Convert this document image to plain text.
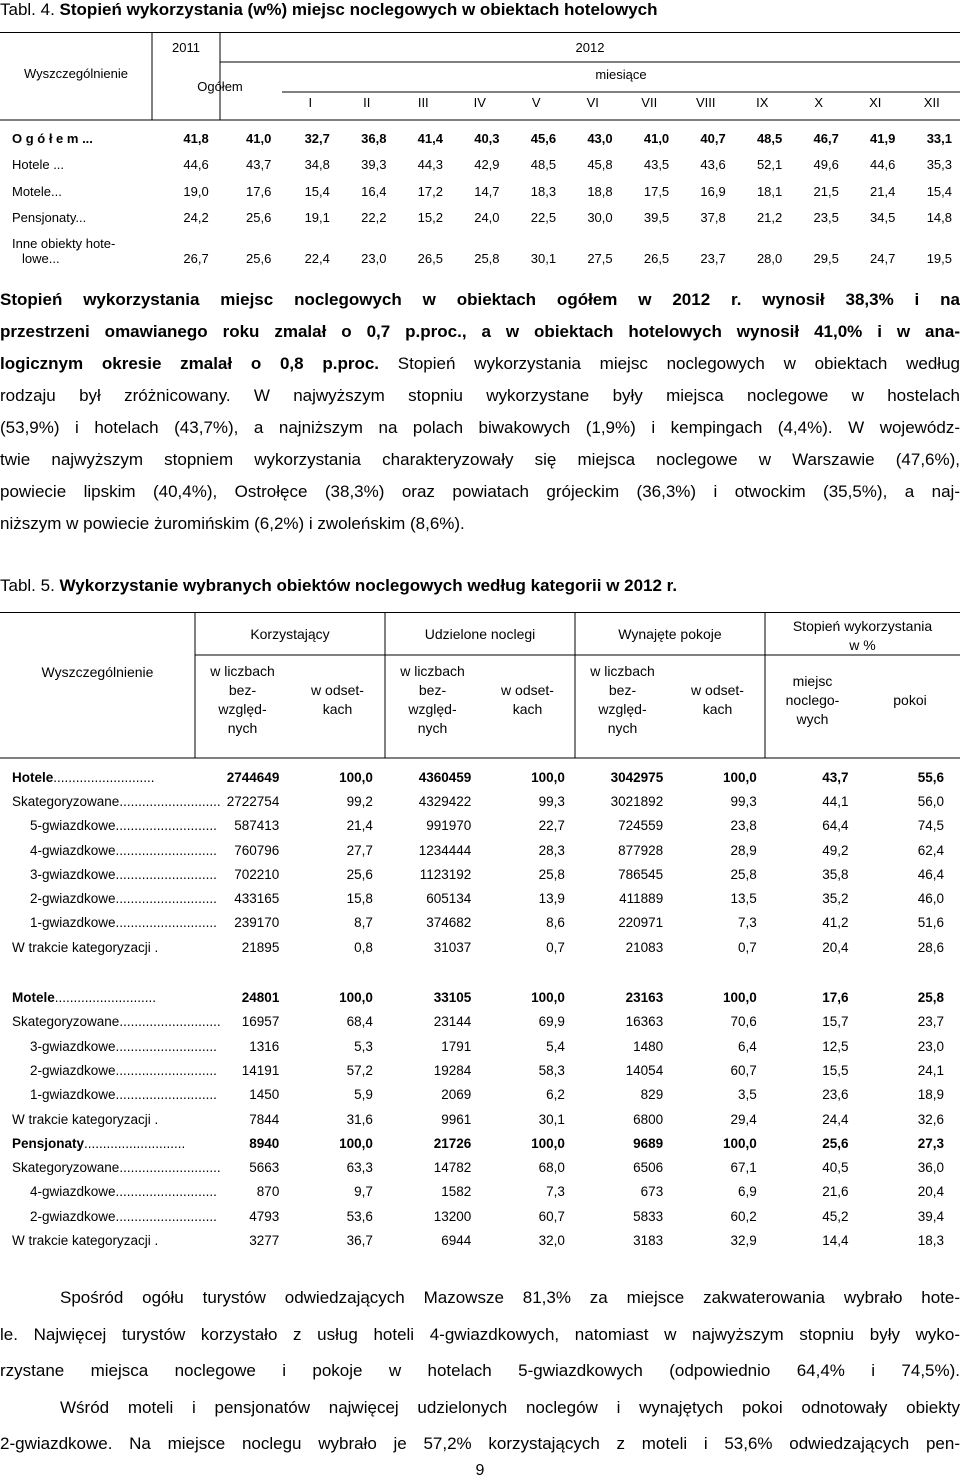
Tabl. 4. Stopień wykorzystania (w%) miejsc noclegowych w obiektach hotelowych
Wyszczególnienie
2011
Ogółem
2012
miesiące
I	II	III	IV	V	VI	VII	VIII	IX	X	XI	XII
O g ó ł e m ...	41,8	41,0	32,7	36,8	41,4	40,3	45,6	43,0	41,0	40,7	48,5	46,7	41,9	33,1
Hotele ...	44,6	43,7	34,8	39,3	44,3	42,9	48,5	45,8	43,5	43,6	52,1	49,6	44,6	35,3
Motele...	19,0	17,6	15,4	16,4	17,2	14,7	18,3	18,8	17,5	16,9	18,1	21,5	21,4	15,4
Pensjonaty...	24,2	25,6	19,1	22,2	15,2	24,0	22,5	30,0	39,5	37,8	21,2	23,5	34,5	14,8

Inne obiekty hote-
lowe...	26,7	25,6	22,4	23,0	26,5	25,8	30,1	27,5	26,5	23,7	28,0	29,5	24,7	19,5
Stopień wykorzystania miejsc noclegowych w obiektach ogółem w 2012 r. wynosił 38,3% i na
przestrzeni omawianego roku zmalał o 0,7 p.proc., a w obiektach hotelowych wynosił 41,0% i w ana-
logicznym okresie zmalał o 0,8 p.proc. Stopień wykorzystania miejsc noclegowych w obiektach według
rodzaju był zróżnicowany. W najwyższym stopniu wykorzystane były miejsca noclegowe w hostelach
(53,9%) i hotelach (43,7%), a najniższym na polach biwakowych (1,9%) i kempingach (4,4%). W wojewódz-
twie najwyższym stopniem wykorzystania charakteryzowały się miejsca noclegowe w Warszawie (47,6%),
powiecie lipskim (40,4%), Ostrołęce (38,3%) oraz powiatach grójeckim (36,3%) i otwockim (35,5%), a naj-
niższym w powiecie żuromińskim (6,2%) i zwoleńskim (8,6%).
Tabl. 5. Wykorzystanie wybranych obiektów noclegowych według kategorii w 2012 r.
Wyszczególnienie
Korzystający	Udzielone noclegi	Wynajęte pokoje	Stopień wykorzystania
w %
w liczbach
bez-
względ-
nych
w odset-
kach
w liczbach
bez-
względ-
nych
w odset-
kach
w liczbach
bez-
względ-
nych
w odset-
kach
miejsc
noclego-
wych
pokoi
Hotele...........................	2744649	100,0	4360459	100,0	3042975	100,0	43,7	55,6
Skategoryzowane...........................	2722754	99,2	4329422	99,3	3021892	99,3	44,1	56,0
5-gwiazdkowe...........................	587413	21,4	991970	22,7	724559	23,8	64,4	74,5
4-gwiazdkowe...........................	760796	27,7	1234444	28,3	877928	28,9	49,2	62,4
3-gwiazdkowe...........................	702210	25,6	1123192	25,8	786545	25,8	35,8	46,4
2-gwiazdkowe...........................	433165	15,8	605134	13,9	411889	13,5	35,2	46,0
1-gwiazdkowe...........................	239170	8,7	374682	8,6	220971	7,3	41,2	51,6
W trakcie kategoryzacji .	21895	0,8	31037	0,7	21083	0,7	20,4	28,6

Motele...........................	24801	100,0	33105	100,0	23163	100,0	17,6	25,8
Skategoryzowane...........................	16957	68,4	23144	69,9	16363	70,6	15,7	23,7
3-gwiazdkowe...........................	1316	5,3	1791	5,4	1480	6,4	12,5	23,0
2-gwiazdkowe...........................	14191	57,2	19284	58,3	14054	60,7	15,5	24,1
1-gwiazdkowe...........................	1450	5,9	2069	6,2	829	3,5	23,6	18,9
W trakcie kategoryzacji .	7844	31,6	9961	30,1	6800	29,4	24,4	32,6
Pensjonaty...........................	8940	100,0	21726	100,0	9689	100,0	25,6	27,3
Skategoryzowane...........................	5663	63,3	14782	68,0	6506	67,1	40,5	36,0
4-gwiazdkowe...........................	870	9,7	1582	7,3	673	6,9	21,6	20,4
2-gwiazdkowe...........................	4793	53,6	13200	60,7	5833	60,2	45,2	39,4
W trakcie kategoryzacji .	3277	36,7	6944	32,0	3183	32,9	14,4	18,3
Spośród ogółu turystów odwiedzających Mazowsze 81,3% za miejsce zakwaterowania wybrało hote-
le. Najwięcej turystów korzystało z usług hoteli 4-gwiazdkowych, natomiast w najwyższym stopniu były wyko-
rzystane miejsca noclegowe i pokoje w hotelach 5-gwiazdkowych (odpowiednio 64,4% i 74,5%).
Wśród moteli i pensjonatów najwięcej udzielonych noclegów i wynajętych pokoi odnotowały obiekty
2-gwiazdkowe. Na miejsce noclegu wybrało je 57,2% korzystających z moteli i 53,6% odwiedzających pen-
9
